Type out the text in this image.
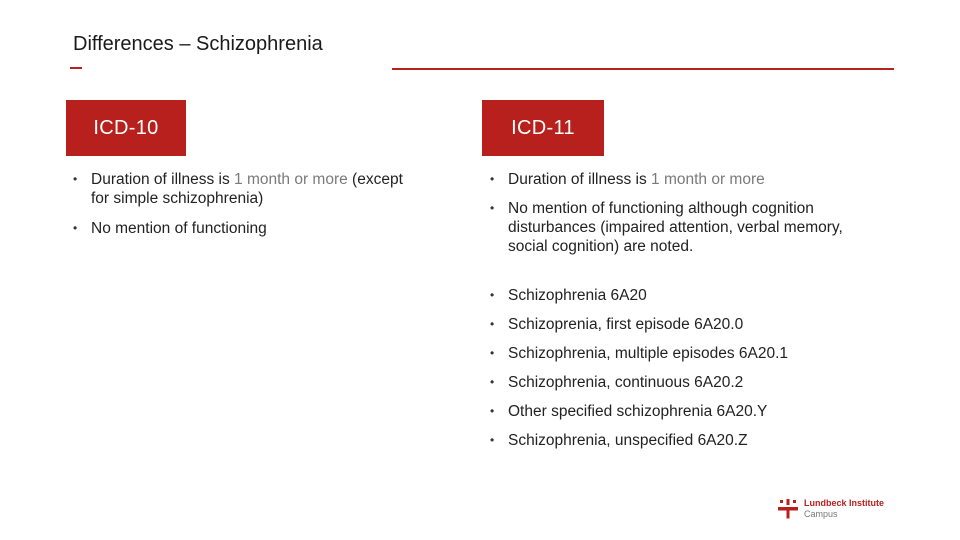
Differences – Schizophrenia
ICD-10	ICD-11
• Duration of illness is 1 month or more (except for simple schizophrenia)
• No mention of functioning
• Duration of illness is 1 month or more
• No mention of functioning although cognition disturbances (impaired attention, verbal memory, social cognition) are noted.
• Schizophrenia 6A20
• Schizoprenia, first episode 6A20.0
• Schizophrenia, multiple episodes 6A20.1
• Schizophrenia, continuous 6A20.2
• Other specified schizophrenia 6A20.Y
• Schizophrenia, unspecified 6A20.Z
Lundbeck Institute
Campus
